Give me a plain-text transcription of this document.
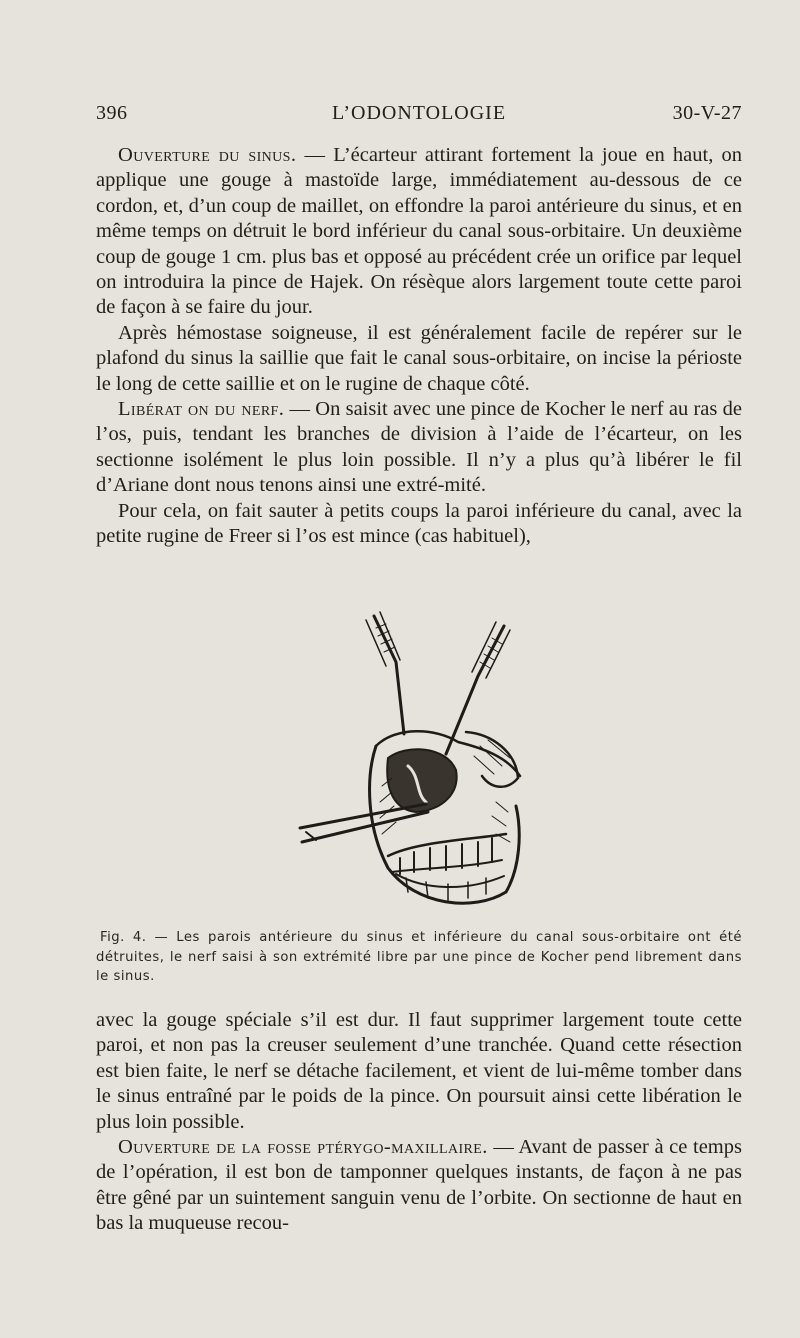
396	L’ODONTOLOGIE	30-V-27

Ouverture du sinus. — L’écarteur attirant fortement la joue en haut, on applique une gouge à mastoïde large, immédiatement au-dessous de ce cordon, et, d’un coup de maillet, on effondre la paroi antérieure du sinus, et en même temps on détruit le bord inférieur du canal sous-orbitaire. Un deuxième coup de gouge 1 cm. plus bas et opposé au précédent crée un orifice par lequel on introduira la pince de Hajek. On résèque alors largement toute cette paroi de façon à se faire du jour.

Après hémostase soigneuse, il est généralement facile de repérer sur le plafond du sinus la saillie que fait le canal sous-orbitaire, on incise la périoste le long de cette saillie et on le rugine de chaque côté.

Libérat on du nerf. — On saisit avec une pince de Kocher le nerf au ras de l’os, puis, tendant les branches de division à l’aide de l’écarteur, on les sectionne isolément le plus loin possible. Il n’y a plus qu’à libérer le fil d’Ariane dont nous tenons ainsi une extré-mité.

Pour cela, on fait sauter à petits coups la paroi inférieure du canal, avec la petite rugine de Freer si l’os est mince (cas habituel),

Fig. 4. — Les parois antérieure du sinus et inférieure du canal sous-orbitaire ont été détruites, le nerf saisi à son extrémité libre par une pince de Kocher pend librement dans le sinus.

avec la gouge spéciale s’il est dur. Il faut supprimer largement toute cette paroi, et non pas la creuser seulement d’une tranchée. Quand cette résection est bien faite, le nerf se détache facilement, et vient de lui-même tomber dans le sinus entraîné par le poids de la pince. On poursuit ainsi cette libération le plus loin possible.

Ouverture de la fosse ptérygo-maxillaire. — Avant de passer à ce temps de l’opération, il est bon de tamponner quelques instants, de façon à ne pas être gêné par un suintement sanguin venu de l’orbite. On sectionne de haut en bas la muqueuse recou-
